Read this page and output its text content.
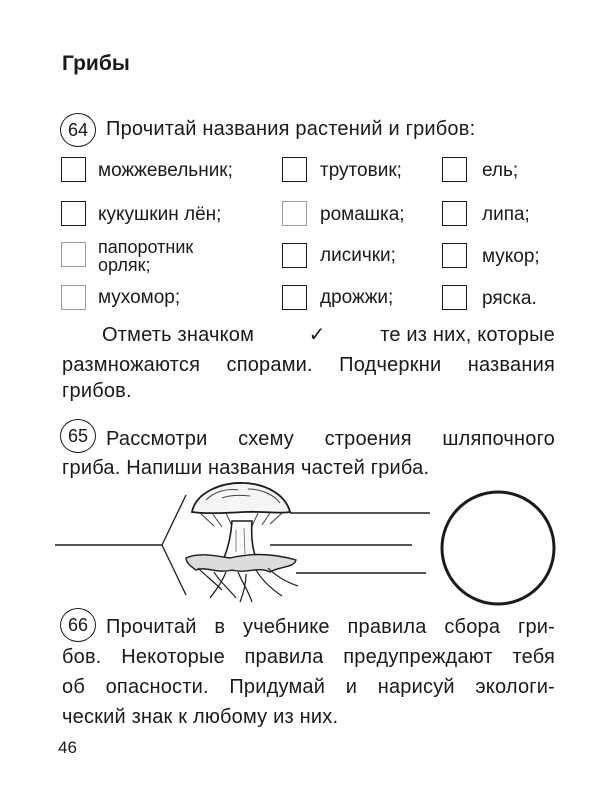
Грибы
64 Прочитай названия растений и грибов:
можжевельник;	трутовик;	ель;
кукушкин лён;	ромашка;	липа;
папоротник орляк;	лисички;	мукор;
мухомор;	дрожжи;	ряска.
Отметь значком	✓	те из них, которые
размножаются спорами. Подчеркни названия
грибов.
65 Рассмотри схему строения шляпочного
гриба. Напиши названия частей гриба.
66 Прочитай в учебнике правила сбора гри-
бов. Некоторые правила предупреждают тебя
об опасности. Придумай и нарисуй экологи-
ческий знак к любому из них.
46
